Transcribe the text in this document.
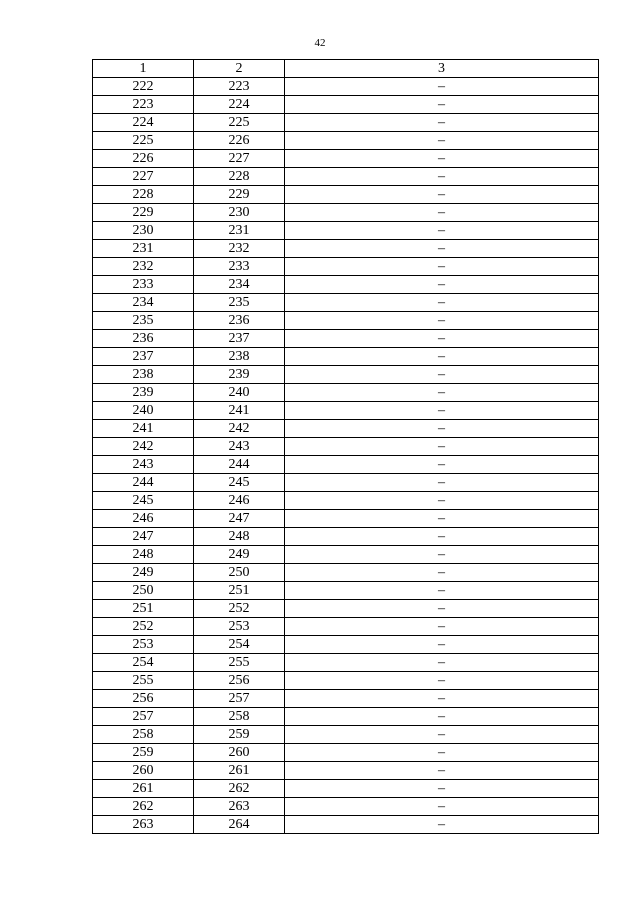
42
1	2	3
222	223	–
223	224	–
224	225	–
225	226	–
226	227	–
227	228	–
228	229	–
229	230	–
230	231	–
231	232	–
232	233	–
233	234	–
234	235	–
235	236	–
236	237	–
237	238	–
238	239	–
239	240	–
240	241	–
241	242	–
242	243	–
243	244	–
244	245	–
245	246	–
246	247	–
247	248	–
248	249	–
249	250	–
250	251	–
251	252	–
252	253	–
253	254	–
254	255	–
255	256	–
256	257	–
257	258	–
258	259	–
259	260	–
260	261	–
261	262	–
262	263	–
263	264	–
